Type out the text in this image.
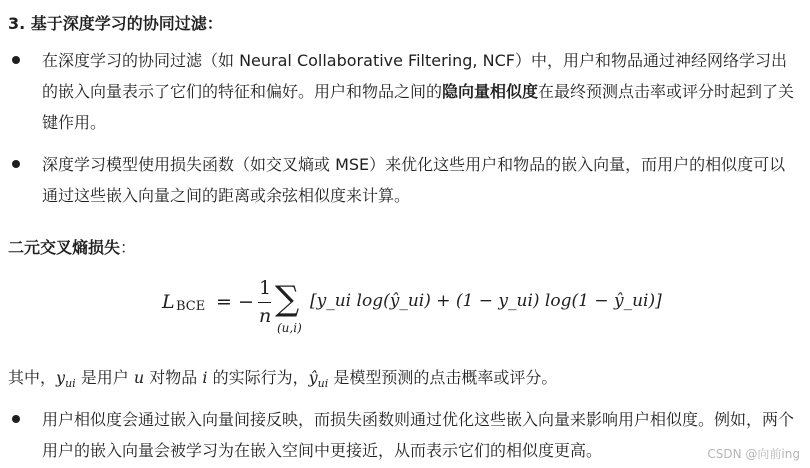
3. 基于深度学习的协同过滤：
在深度学习的协同过滤（如 Neural Collaborative Filtering, NCF）中，用户和物品通过神经网络学习出的嵌入向量表示了它们的特征和偏好。用户和物品之间的隐向量相似度在最终预测点击率或评分时起到了关键作用。
深度学习模型使用损失函数（如交叉熵或 MSE）来优化这些用户和物品的嵌入向量，而用户的相似度可以通过这些嵌入向量之间的距离或余弦相似度来计算。
二元交叉熵损失：
L BCE = −
1
n ∑
(u,i)
[y_ui log(ŷ_ui) + (1 − y_ui) log(1 − ŷ_ui)]
其中，$y_{ui}$ 是用户 u 对物品 i 的实际行为，$ŷ_{ui}$ 是模型预测的点击概率或评分。
用户相似度会通过嵌入向量间接反映，而损失函数则通过优化这些嵌入向量来影响用户相似度。例如，两个用户的嵌入向量会被学习为在嵌入空间中更接近，从而表示它们的相似度更高。	CSDN @向前ing
